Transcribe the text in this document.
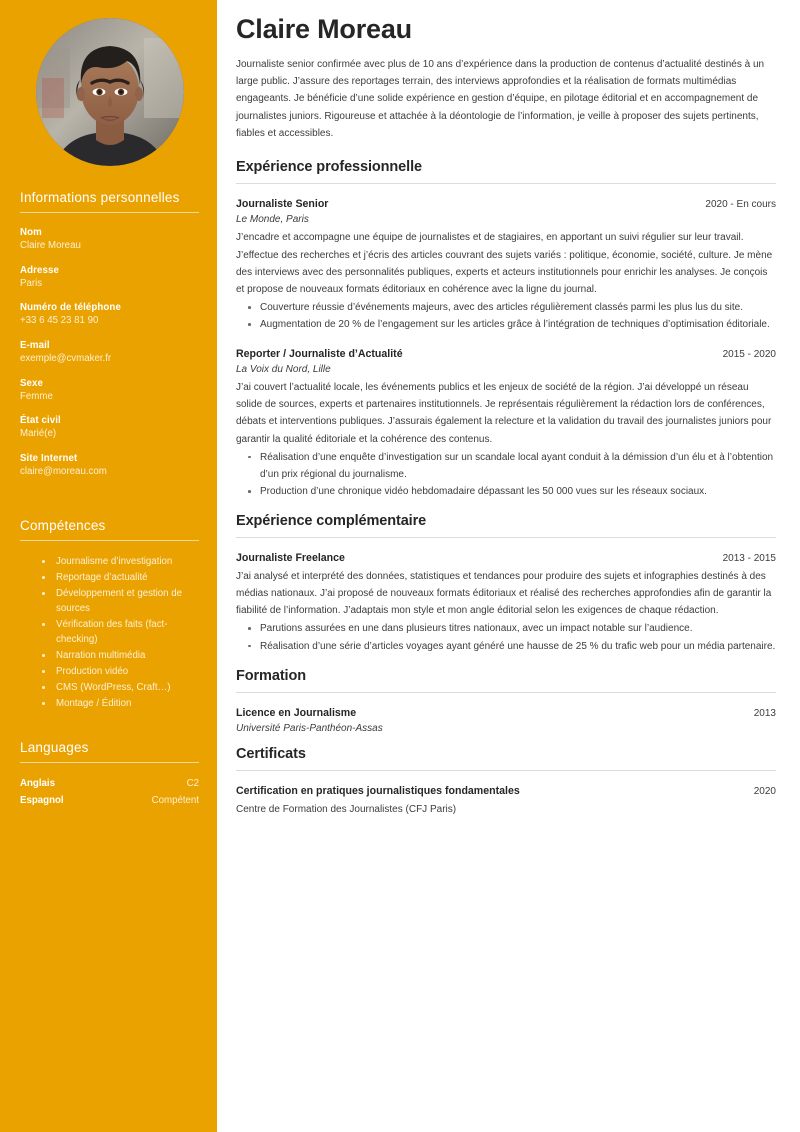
Informations personnelles
Nom
Claire Moreau
Adresse
Paris
Numéro de téléphone
+33 6 45 23 81 90
E-mail
exemple@cvmaker.fr
Sexe
Femme
État civil
Marié(e)
Site Internet
claire@moreau.com
Compétences
Journalisme d’investigation
Reportage d’actualité
Développement et gestion de sources
Vérification des faits (fact-checking)
Narration multimédia
Production vidéo
CMS (WordPress, Craft…)
Montage / Édition
Languages
Anglais	C2
Espagnol	Compétent
Claire Moreau

Journaliste senior confirmée avec plus de 10 ans d’expérience dans la production de contenus d’actualité destinés à un large public. J’assure des reportages terrain, des interviews approfondies et la réalisation de formats multimédias engageants. Je bénéficie d’une solide expérience en gestion d’équipe, en pilotage éditorial et en accompagnement de journalistes juniors. Rigoureuse et attachée à la déontologie de l’information, je veille à proposer des sujets pertinents, fiables et accessibles.

Expérience professionnelle
Journaliste Senior	2020 - En cours
Le Monde, Paris
J’encadre et accompagne une équipe de journalistes et de stagiaires, en apportant un suivi régulier sur leur travail. J’effectue des recherches et j’écris des articles couvrant des sujets variés : politique, économie, société, culture. Je mène des interviews avec des personnalités publiques, experts et acteurs institutionnels pour enrichir les analyses. Je conçois et propose de nouveaux formats éditoriaux en cohérence avec la ligne du journal.
Couverture réussie d’événements majeurs, avec des articles régulièrement classés parmi les plus lus du site.
Augmentation de 20 % de l’engagement sur les articles grâce à l’intégration de techniques d’optimisation éditoriale.
Reporter / Journaliste d’Actualité	2015 - 2020
La Voix du Nord, Lille
J’ai couvert l’actualité locale, les événements publics et les enjeux de société de la région. J’ai développé un réseau solide de sources, experts et partenaires institutionnels. Je représentais régulièrement la rédaction lors de conférences, débats et interventions publiques. J’assurais également la relecture et la validation du travail des journalistes juniors pour garantir la qualité éditoriale et la cohérence des contenus.
Réalisation d’une enquête d’investigation sur un scandale local ayant conduit à la démission d’un élu et à l’obtention d’un prix régional du journalisme.
Production d’une chronique vidéo hebdomadaire dépassant les 50 000 vues sur les réseaux sociaux.
Expérience complémentaire
Journaliste Freelance	2013 - 2015
J’ai analysé et interprété des données, statistiques et tendances pour produire des sujets et infographies destinés à des médias nationaux. J’ai proposé de nouveaux formats éditoriaux et réalisé des recherches approfondies afin de garantir la fiabilité de l’information. J’adaptais mon style et mon angle éditorial selon les exigences de chaque rédaction.
Parutions assurées en une dans plusieurs titres nationaux, avec un impact notable sur l’audience.
Réalisation d’une série d’articles voyages ayant généré une hausse de 25 % du trafic web pour un média partenaire.
Formation
Licence en Journalisme	2013
Université Paris-Panthéon-Assas
Certificats
Certification en pratiques journalistiques fondamentales	2020
Centre de Formation des Journalistes (CFJ Paris)
